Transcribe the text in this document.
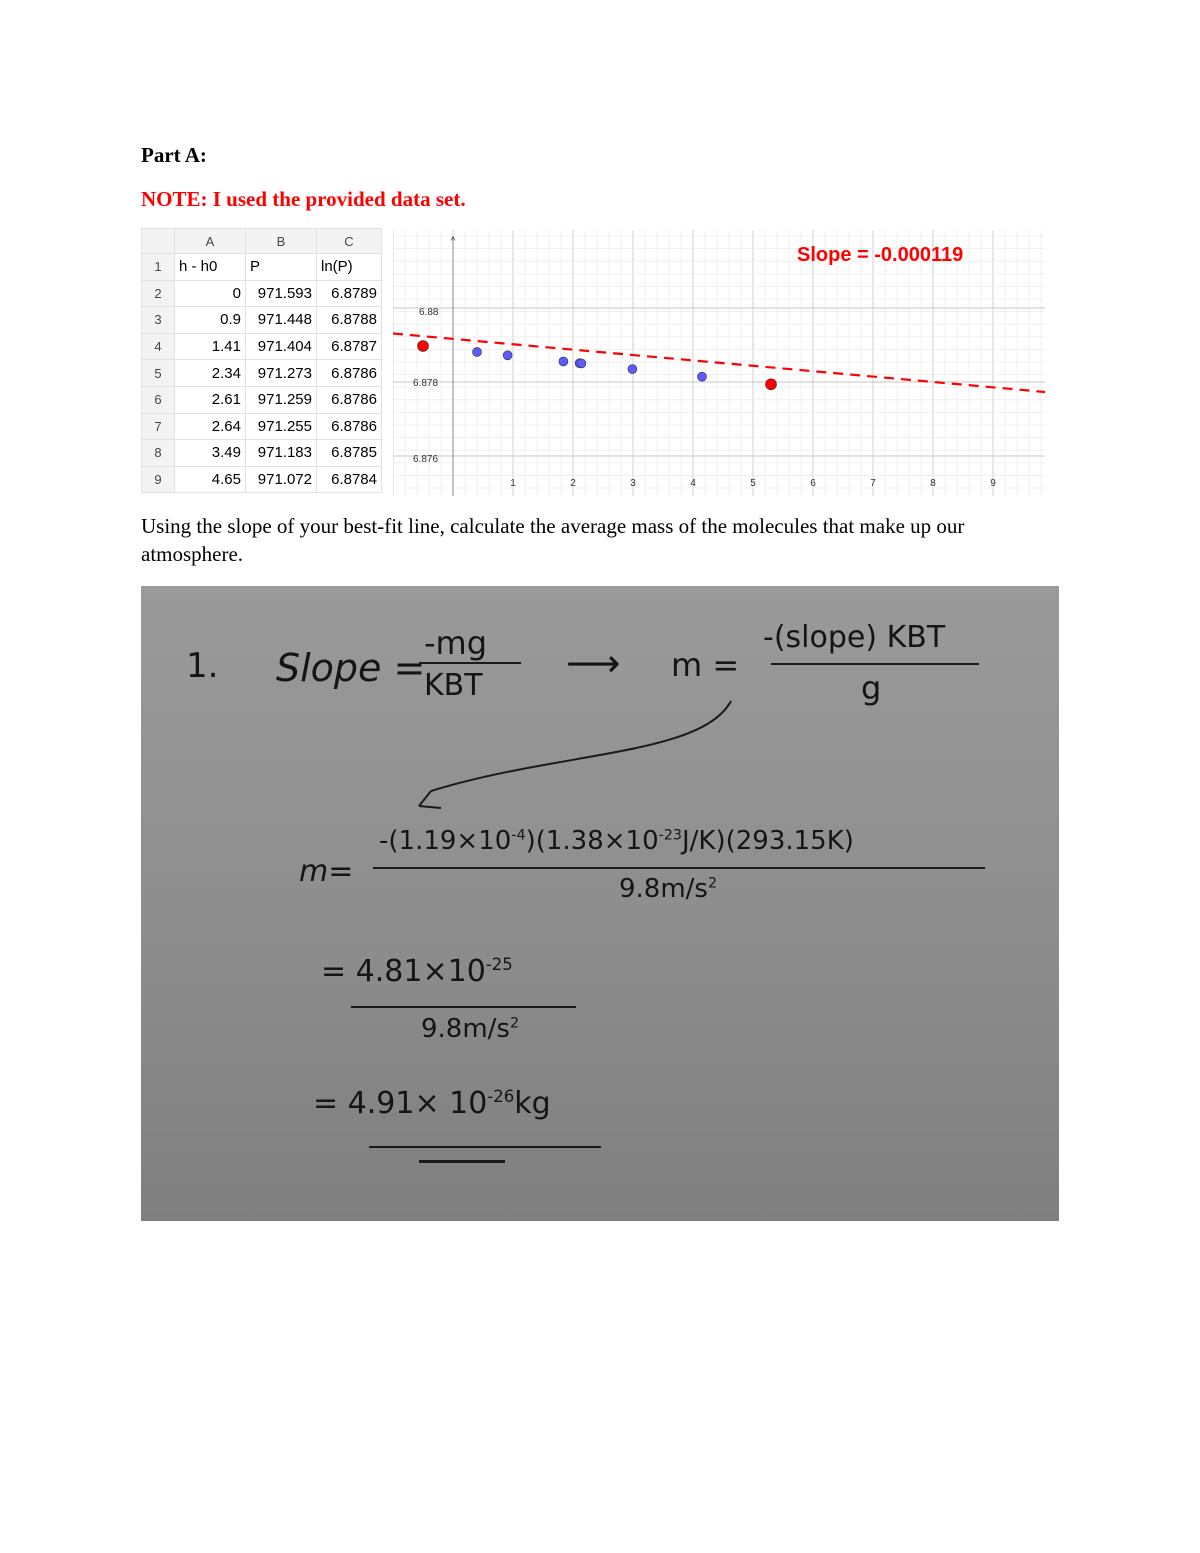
Part A:
NOTE: I used the provided data set.
	A	B	C
1	h - h0	P	ln(P)
2	0	971.593	6.8789
3	0.9	971.448	6.8788
4	1.41	971.404	6.8787
5	2.34	971.273	6.8786
6	2.61	971.259	6.8786
7	2.64	971.255	6.8786
8	3.49	971.183	6.8785
9	4.65	971.072	6.8784
^
6.88
6.878
6.876
1	2	3	4	5	6	7	8	9
Slope = -0.000119
Using the slope of your best-fit line, calculate the average mass of the molecules that make up our atmosphere.
1. Slope =
-mg
KBT
⟶ m =
-(slope) KBT
g
m=
$-(1.19\times 10^{-4})(1.38\times 10^{-23}J/K)(293.15K)$
$9.8m/s^2$
= $4.81\times 10^{-25}$
$9.8m/s^2$
= $4.91\times 10^{-26}kg$
